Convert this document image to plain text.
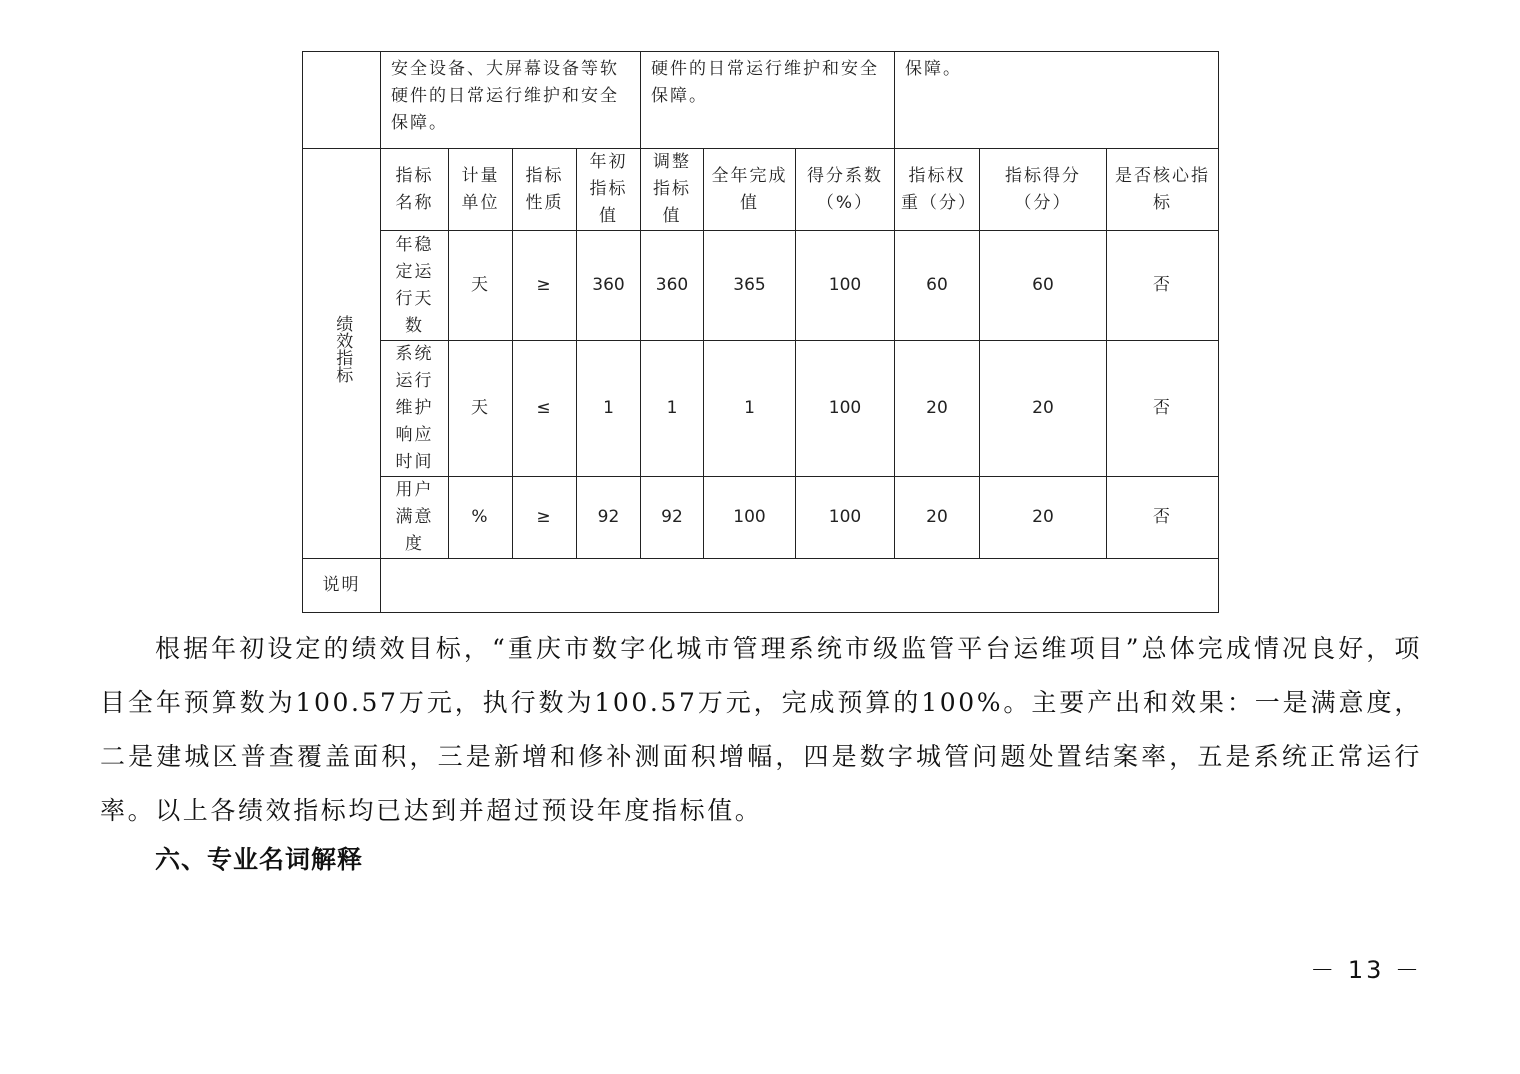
	安全设备、大屏幕设备等软硬件的日常运行维护和安全保障。				硬件的日常运行维护和安全保障。			保障。		
绩效指标	指标名称	计量单位	指标性质	年初指标值	调整指标值	全年完成值	得分系数（%）	指标权重（分）	指标得分（分）	是否核心指标
	年稳定运行天数	天	≥	360	360	365	100	60	60	否
	系统运行维护响应时间	天	≤	1	1	1	100	20	20	否
	用户满意度	%	≥	92	92	100	100	20	20	否
说明										

根据年初设定的绩效目标，“重庆市数字化城市管理系统市级监管平台运维项目”总体完成情况良好，项目全年预算数为100.57万元，执行数为100.57万元，完成预算的100%。主要产出和效果：一是满意度，二是建城区普查覆盖面积，三是新增和修补测面积增幅，四是数字城管问题处置结案率，五是系统正常运行率。以上各绩效指标均已达到并超过预设年度指标值。

六、专业名词解释
－ 13 －
